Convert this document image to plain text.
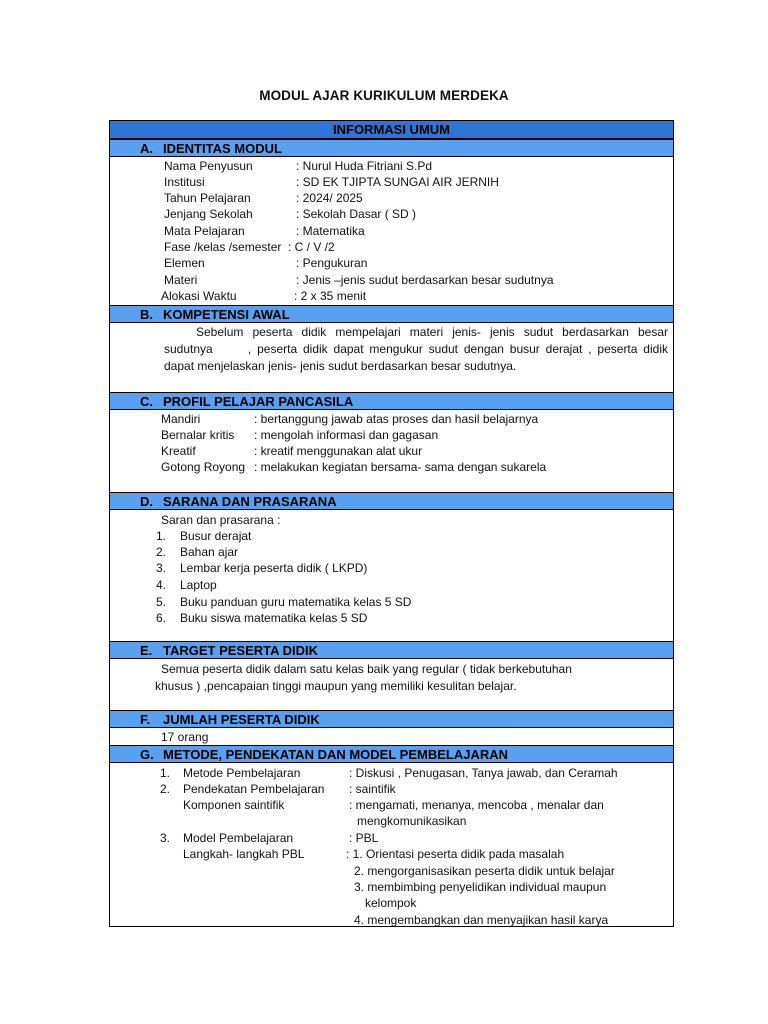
MODUL AJAR KURIKULUM MERDEKA
INFORMASI UMUM
A. IDENTITAS MODUL
Nama Penyusun	: Nurul Huda Fitriani S.Pd
Institusi	: SD EK TJIPTA SUNGAI AIR JERNIH
Tahun Pelajaran	: 2024/ 2025
Jenjang Sekolah	: Sekolah Dasar ( SD )
Mata Pelajaran	: Matematika
Fase /kelas /semester : C / V /2
Elemen	: Pengukuran
Materi	: Jenis –jenis sudut berdasarkan besar sudutnya
Alokasi Waktu	: 2 x 35 menit
B. KOMPETENSI AWAL
Sebelum peserta didik mempelajari materi jenis- jenis sudut berdasarkan besar
sudutnya      , peserta didik dapat mengukur sudut dengan busur derajat , peserta didik
dapat menjelaskan jenis- jenis sudut berdasarkan besar sudutnya.
C. PROFIL PELAJAR PANCASILA
Mandiri	: bertanggung jawab atas proses dan hasil belajarnya
Bernalar kritis : mengolah informasi dan gagasan
Kreatif	: kreatif menggunakan alat ukur
Gotong Royong : melakukan kegiatan bersama- sama dengan sukarela
D. SARANA DAN PRASARANA
Saran dan prasarana :
1. Busur derajat
2. Bahan ajar
3. Lembar kerja peserta didik ( LKPD)
4. Laptop
5. Buku panduan guru matematika kelas 5 SD
6. Buku siswa matematika kelas 5 SD
E. TARGET PESERTA DIDIK
Semua peserta didik dalam satu kelas baik yang regular ( tidak berkebutuhan
khusus ) ,pencapaian tinggi maupun yang memiliki kesulitan belajar.
F. JUMLAH PESERTA DIDIK
17 orang
G. METODE, PENDEKATAN DAN MODEL PEMBELAJARAN
1. Metode Pembelajaran	: Diskusi , Penugasan, Tanya jawab, dan Ceramah
2. Pendekatan Pembelajaran : saintifik
Komponen saintifik	: mengamati, menanya, mencoba , menalar dan
mengkomunikasikan
3. Model Pembelajaran	: PBL
Langkah- langkah PBL	: 1. Orientasi peserta didik pada masalah
2. mengorganisasikan peserta didik untuk belajar
3. membimbing penyelidikan individual maupun
kelompok
4. mengembangkan dan menyajikan hasil karya
